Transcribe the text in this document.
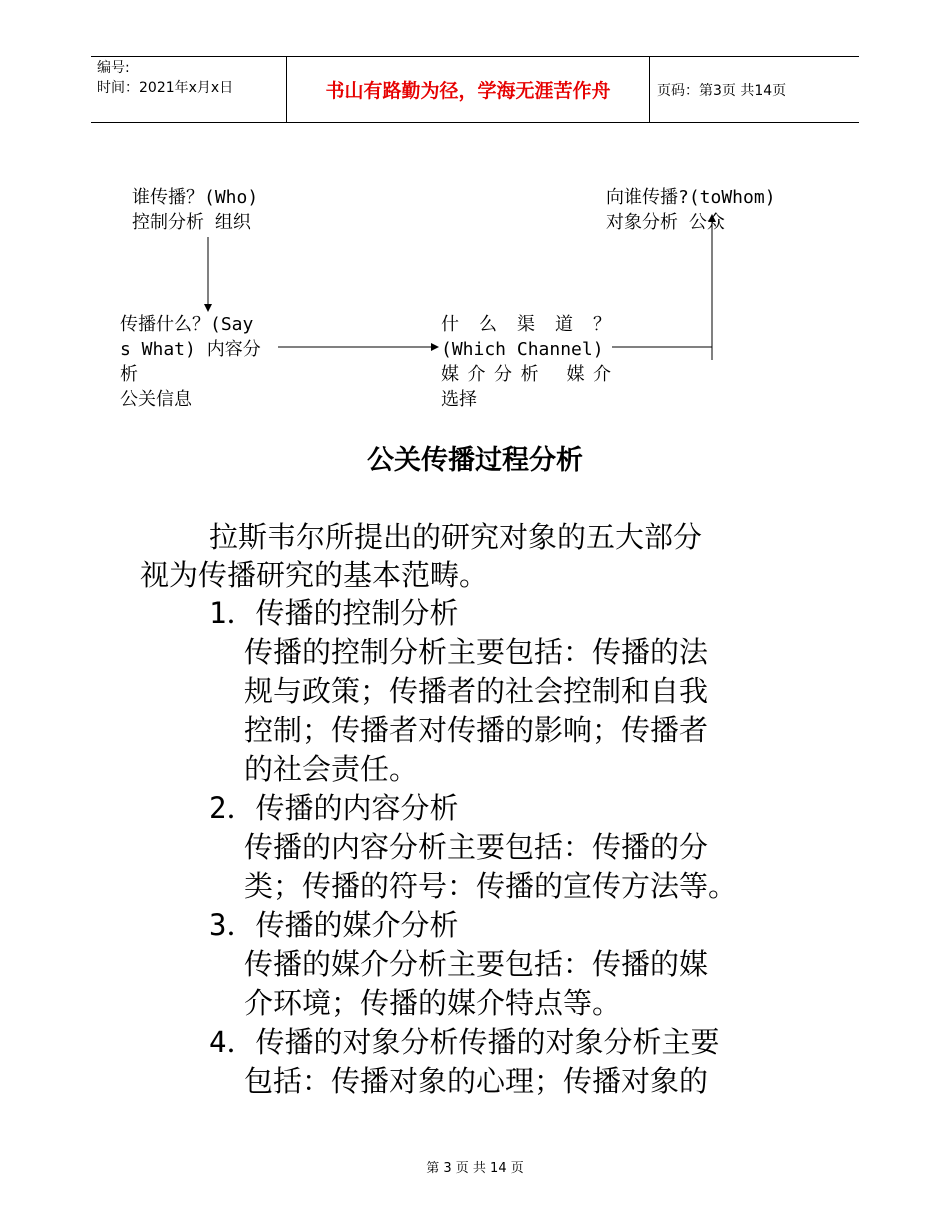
编号:
时间：2021年x月x日	书山有路勤为径，学海无涯苦作舟	页码：第3页 共14页
谁传播？(Who)
控制分析 组织
向谁传播?(toWhom)
对象分析 公众
传播什么？(Say
s What) 内容分
析
公关信息
什 么 渠 道 ？
(Which Channel)
媒介分析 媒介
选择
公关传播过程分析
拉斯韦尔所提出的研究对象的五大部分
视为传播研究的基本范畴。
1．传播的控制分析
传播的控制分析主要包括：传播的法
规与政策；传播者的社会控制和自我
控制；传播者对传播的影响；传播者
的社会责任。
2．传播的内容分析
传播的内容分析主要包括：传播的分
类；传播的符号：传播的宣传方法等。
3．传播的媒介分析
传播的媒介分析主要包括：传播的媒
介环境；传播的媒介特点等。
4．传播的对象分析传播的对象分析主要
包括：传播对象的心理；传播对象的
第 3 页 共 14 页
